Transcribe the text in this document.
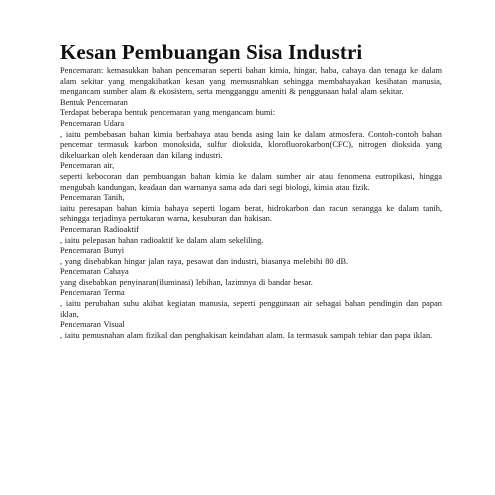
Kesan Pembuangan Sisa Industri

Pencemaran: kemasukkan bahan pencemaran seperti bahan kimia, hingar, haba, cahaya dan tenaga ke dalam alam sekitar yang mengakibatkan kesan yang memusnahkan sehingga membahayakan kesihatan manusia, mengancam sumber alam & ekosistem, serta mengganggu ameniti & penggunaan halal alam sekitar.

Bentuk Pencemaran

Terdapat beberapa bentuk pencemaran yang mengancam bumi:

Pencemaran Udara

, iaitu pembebasan bahan kimia berbahaya atau benda asing lain ke dalam atmosfera. Contoh-contoh bahan pencemar termasuk karbon monoksida, sulfur dioksida, klorofluorokarbon(CFC), nitrogen dioksida yang dikeluarkan oleh kenderaan dan kilang industri.

Pencemaran air,

seperti kebocoran dan pembuangan bahan kimia ke dalam sumber air atau fenomena eutropikasi, hingga mengubah kandungan, keadaan dan warnanya sama ada dari segi biologi, kimia atau fizik.

Pencemaran Tanih,

iaitu peresapan bahan kimia bahaya seperti logam berat, hidrokarbon dan racun serangga ke dalam tanih, sehingga terjadinya pertukaran warna, kesuburan dan hakisan.

Pencemaran Radioaktif

, iaitu pelepasan bahan radioaktif ke dalam alam sekeliling.

Pencemaran Bunyi

, yang disebabkan hingar jalan raya, pesawat dan industri, biasanya melebihi 80 dB.

Pencemaran Cahaya

yang disebabkan penyinaran(iluminasi) lebihan, lazimnya di bandar besar.

Pencemaran Terma

, iaitu perubahan suhu akibat kegiatan manusia, seperti penggunaan air sebagai bahan pendingin dan papan iklan,

Pencemaran Visual

, iaitu pemusnahan alam fizikal dan penghakisan keindahan alam. Ia termasuk sampah tebiar dan papa iklan.
